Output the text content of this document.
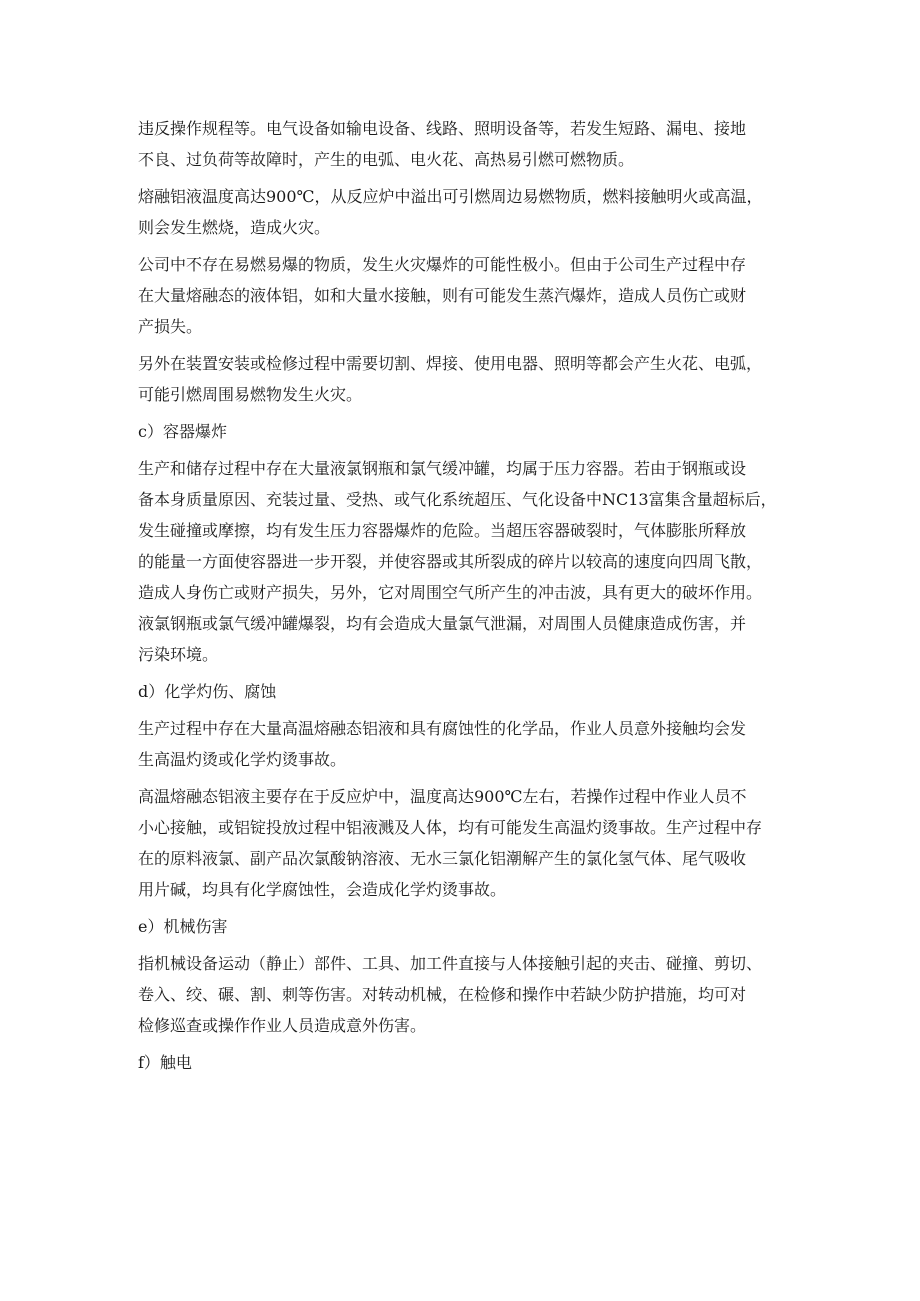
违反操作规程等。电气设备如输电设备、线路、照明设备等，若发生短路、漏电、接地
不良、过负荷等故障时，产生的电弧、电火花、高热易引燃可燃物质。
熔融铝液温度高达900℃，从反应炉中溢出可引燃周边易燃物质，燃料接触明火或高温，
则会发生燃烧，造成火灾。
公司中不存在易燃易爆的物质，发生火灾爆炸的可能性极小。但由于公司生产过程中存
在大量熔融态的液体铝，如和大量水接触，则有可能发生蒸汽爆炸，造成人员伤亡或财
产损失。
另外在装置安装或检修过程中需要切割、焊接、使用电器、照明等都会产生火花、电弧，
可能引燃周围易燃物发生火灾。
c）容器爆炸
生产和储存过程中存在大量液氯钢瓶和氯气缓冲罐，均属于压力容器。若由于钢瓶或设
备本身质量原因、充装过量、受热、或气化系统超压、气化设备中NC13富集含量超标后，
发生碰撞或摩擦，均有发生压力容器爆炸的危险。当超压容器破裂时，气体膨胀所释放
的能量一方面使容器进一步开裂，并使容器或其所裂成的碎片以较高的速度向四周飞散，
造成人身伤亡或财产损失，另外，它对周围空气所产生的冲击波，具有更大的破坏作用。
液氯钢瓶或氯气缓冲罐爆裂，均有会造成大量氯气泄漏，对周围人员健康造成伤害，并
污染环境。
d）化学灼伤、腐蚀
生产过程中存在大量高温熔融态铝液和具有腐蚀性的化学品，作业人员意外接触均会发
生高温灼烫或化学灼烫事故。
高温熔融态铝液主要存在于反应炉中，温度高达900℃左右，若操作过程中作业人员不
小心接触，或铝锭投放过程中铝液溅及人体，均有可能发生高温灼烫事故。生产过程中存
在的原料液氯、副产品次氯酸钠溶液、无水三氯化铝潮解产生的氯化氢气体、尾气吸收
用片碱，均具有化学腐蚀性，会造成化学灼烫事故。
e）机械伤害
指机械设备运动（静止）部件、工具、加工件直接与人体接触引起的夹击、碰撞、剪切、
卷入、绞、碾、割、刺等伤害。对转动机械，在检修和操作中若缺少防护措施，均可对
检修巡查或操作作业人员造成意外伤害。
f）触电
